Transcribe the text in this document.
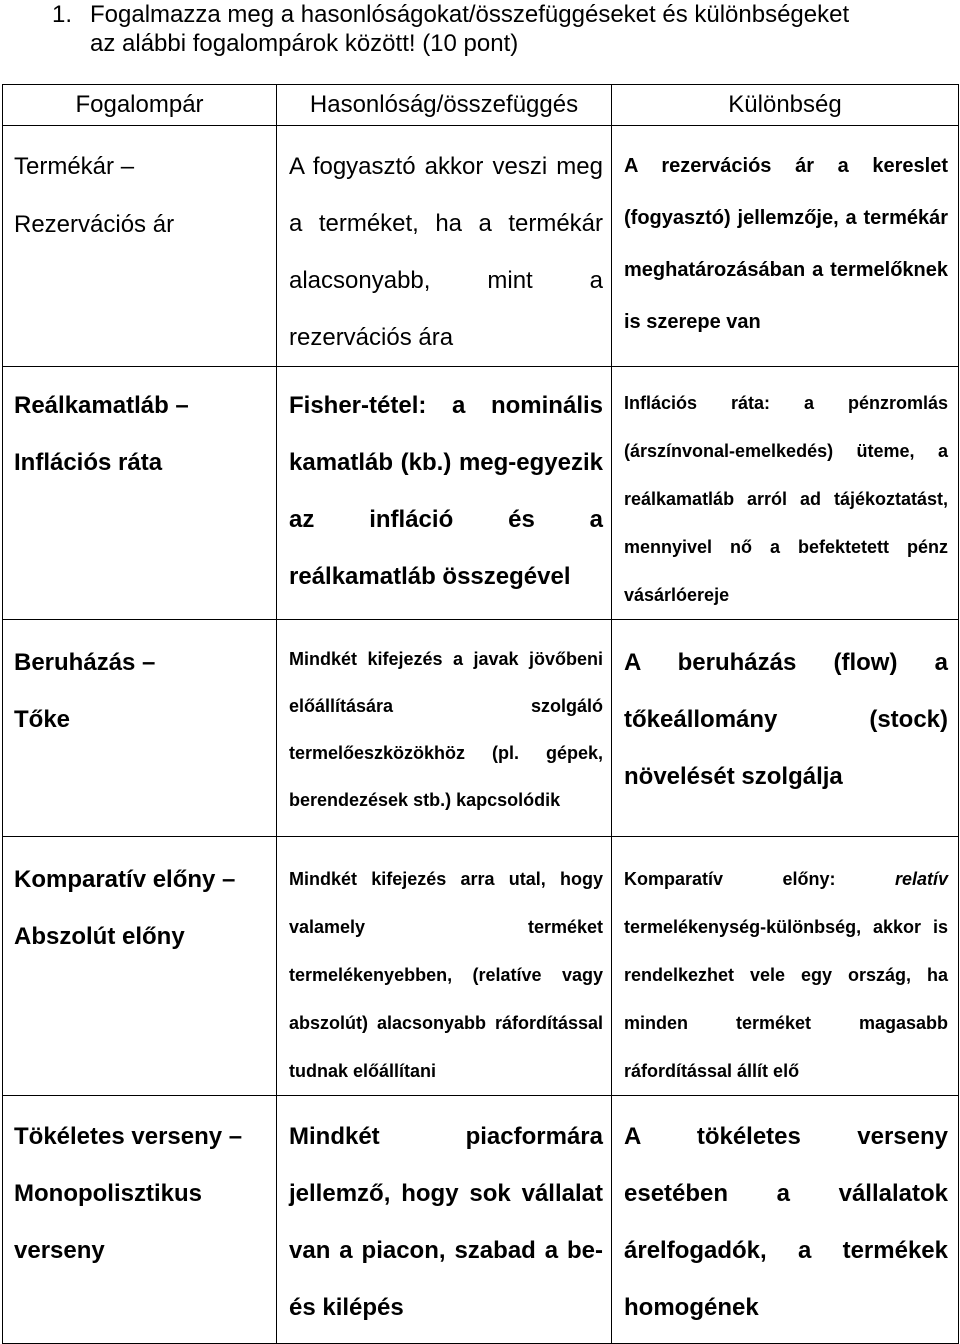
1. Fogalmazza meg a hasonlóságokat/összefüggéseket és különbségeket
az alábbi fogalompárok között! (10 pont)
Fogalompár	Hasonlóság/összefüggés	Különbség

Termékár –
Rezervációs ár	A fogyasztó akkor veszi meg a terméket, ha a termékár alacsonyabb, mint a rezervációs ára	A rezervációs ár a kereslet (fogyasztó) jellemzője, a termékár meghatározásában a termelőknek is szerepe van

Reálkamatláb –
Inflációs ráta	Fisher-tétel: a nominális kamatláb (kb.) meg-egyezik az infláció és a reálkamatláb összegével	Inflációs ráta: a pénzromlás (árszínvonal-emelkedés) üteme, a reálkamatláb arról ad tájékoztatást, mennyivel nő a befektetett pénz vásárlóereje

Beruházás –
Tőke	Mindkét kifejezés a javak jövőbeni előállítására szolgáló termelőeszközökhöz (pl. gépek, berendezések stb.) kapcsolódik	A beruházás (flow) a tőkeállomány (stock) növelését szolgálja

Komparatív előny –
Abszolút előny	Mindkét kifejezés arra utal, hogy valamely terméket termelékenyebben, (relatíve vagy abszolút) alacsonyabb ráfordítással tudnak előállítani	Komparatív előny: relatív termelékenység-különbség, akkor is rendelkezhet vele egy ország, ha minden terméket magasabb ráfordítással állít elő

Tökéletes verseny –
Monopolisztikus
verseny	Mindkét piacformára jellemző, hogy sok vállalat van a piacon, szabad a be- és kilépés	A tökéletes verseny esetében a vállalatok árelfogadók, a termékek homogének
